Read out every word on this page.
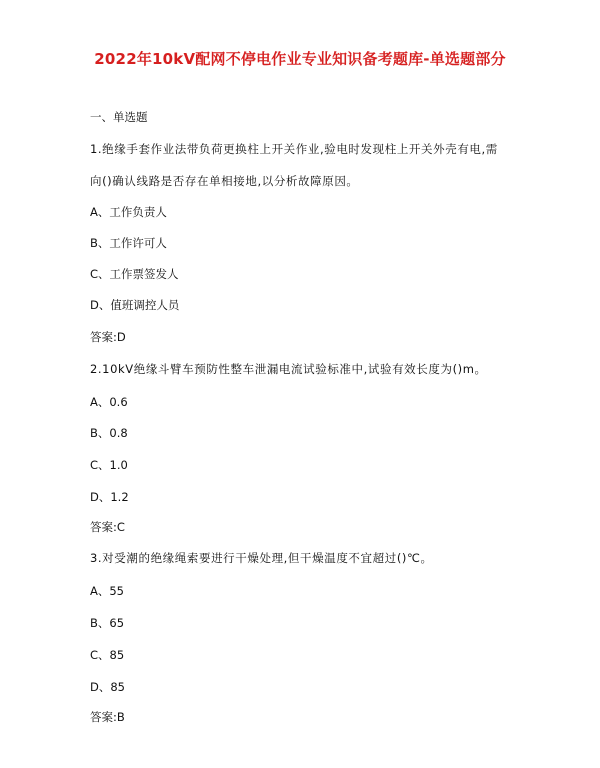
2022年10kV配网不停电作业专业知识备考题库-单选题部分
一、单选题
1.绝缘手套作业法带负荷更换柱上开关作业,验电时发现柱上开关外壳有电,需
向()确认线路是否存在单相接地,以分析故障原因。
A、工作负责人
B、工作许可人
C、工作票签发人
D、值班调控人员
答案:D
2.10kV绝缘斗臂车预防性整车泄漏电流试验标准中,试验有效长度为()m。
A、0.6
B、0.8
C、1.0
D、1.2
答案:C
3.对受潮的绝缘绳索要进行干燥处理,但干燥温度不宜超过()℃。
A、55
B、65
C、85
D、85
答案:B
